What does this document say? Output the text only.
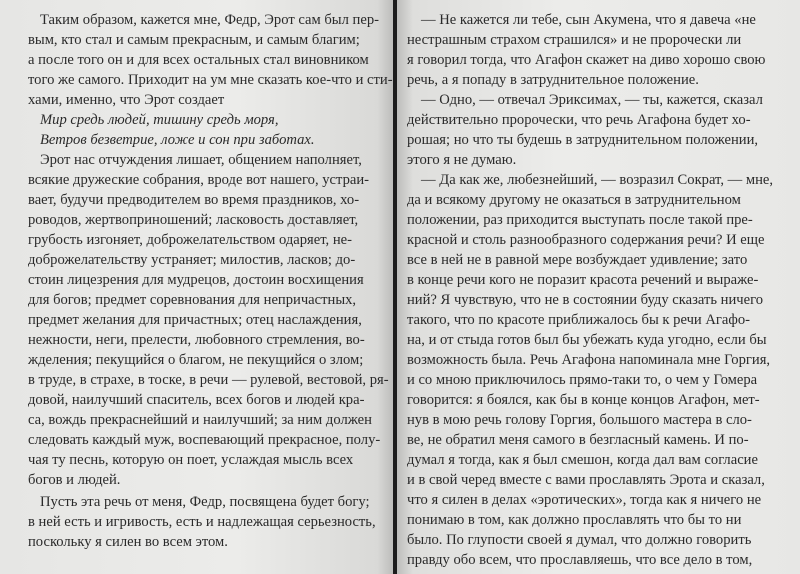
Таким образом, кажется мне, Федр, Эрот сам был пер-
вым, кто стал и самым прекрасным, и самым благим;
а после того он и для всех остальных стал виновником
того же самого. Приходит на ум мне сказать кое-что и сти-
хами, именно, что Эрот создает
Мир средь людей, тишину средь моря,
Ветров безветрие, ложе и сон при заботах.
Эрот нас отчуждения лишает, общением наполняет,
всякие дружеские собрания, вроде вот нашего, устраи-
вает, будучи предводителем во время праздников, хо-
роводов, жертвоприношений; ласковость доставляет,
грубость изгоняет, доброжелательством одаряет, не-
доброжелательству устраняет; милостив, ласков; до-
стоин лицезрения для мудрецов, достоин восхищения
для богов; предмет соревнования для непричастных,
предмет желания для причастных; отец наслаждения,
нежности, неги, прелести, любовного стремления, во-
жделения; пекущийся о благом, не пекущийся о злом;
в труде, в страхе, в тоске, в речи — рулевой, вестовой, ря-
довой, наилучший спаситель, всех богов и людей кра-
са, вождь прекраснейший и наилучший; за ним должен
следовать каждый муж, воспевающий прекрасное, полу-
чая ту песнь, которую он поет, услаждая мысль всех
богов и людей.
Пусть эта речь от меня, Федр, посвящена будет богу;
в ней есть и игривость, есть и надлежащая серьезность,
поскольку я силен во всем этом.
— Не кажется ли тебе, сын Акумена, что я давеча «не
нестрашным страхом страшился» и не пророчески ли
я говорил тогда, что Агафон скажет на диво хорошо свою
речь, а я попаду в затруднительное положение.
— Одно, — отвечал Эриксимах, — ты, кажется, сказал
действительно пророчески, что речь Агафона будет хо-
рошая; но что ты будешь в затруднительном положении,
этого я не думаю.
— Да как же, любезнейший, — возразил Сократ, — мне,
да и всякому другому не оказаться в затруднительном
положении, раз приходится выступать после такой пре-
красной и столь разнообразного содержания речи? И еще
все в ней не в равной мере возбуждает удивление; зато
в конце речи кого не поразит красота речений и выраже-
ний? Я чувствую, что не в состоянии буду сказать ничего
такого, что по красоте приближалось бы к речи Агафо-
на, и от стыда готов был бы убежать куда угодно, если бы
возможность была. Речь Агафона напоминала мне Горгия,
и со мною приключилось прямо-таки то, о чем у Гомера
говорится: я боялся, как бы в конце концов Агафон, мет-
нув в мою речь голову Горгия, большого мастера в сло-
ве, не обратил меня самого в безгласный камень. И по-
думал я тогда, как я был смешон, когда дал вам согласие
и в свой черед вместе с вами прославлять Эрота и сказал,
что я силен в делах «эротических», тогда как я ничего не
понимаю в том, как должно прославлять что бы то ни
было. По глупости своей я думал, что должно говорить
правду обо всем, что прославляешь, что все дело в том,
